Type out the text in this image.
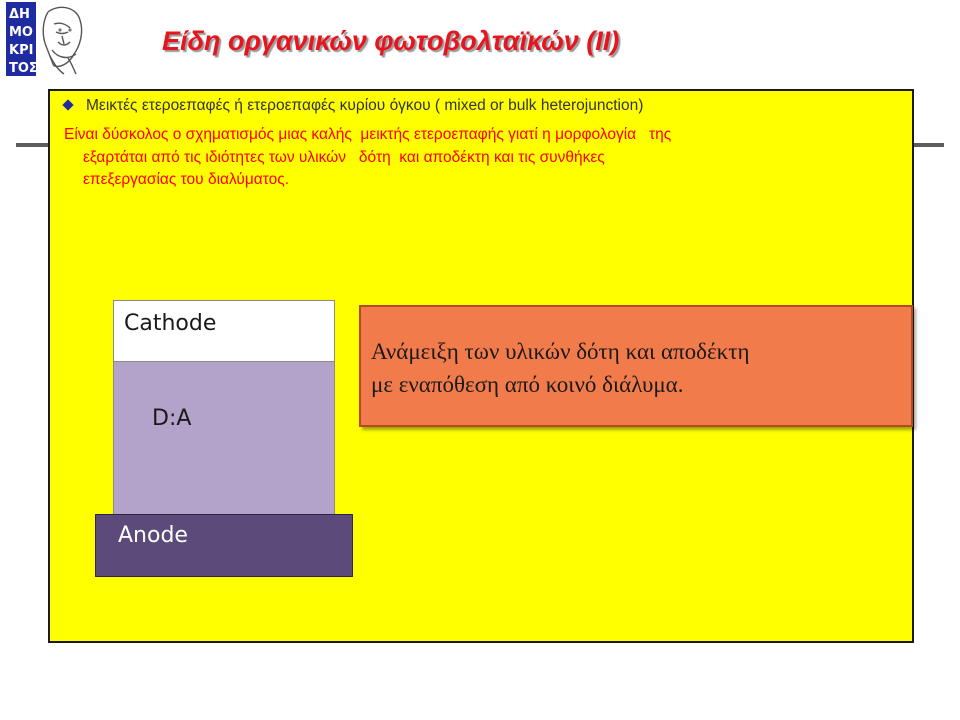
ΔΗ
ΜΟ
ΚΡΙ
ΤΟΣ
Είδη οργανικών φωτοβολταϊκών (ΙΙ)
Μεικτές ετεροεπαφές ή ετεροεπαφές κυρίου όγκου ( mixed or bulk heterojunction)
Είναι δύσκολος ο σχηματισμός μιας καλής  μεικτής ετεροεπαφής γιατί η μορφολογία   της
εξαρτάται από τις ιδιότητες των υλικών   δότη  και αποδέκτη και τις συνθήκες
επεξεργασίας του διαλύματος.
Cathode
D:A
Anode
Ανάμειξη των υλικών δότη και αποδέκτη
με εναπόθεση από κοινό διάλυμα.
